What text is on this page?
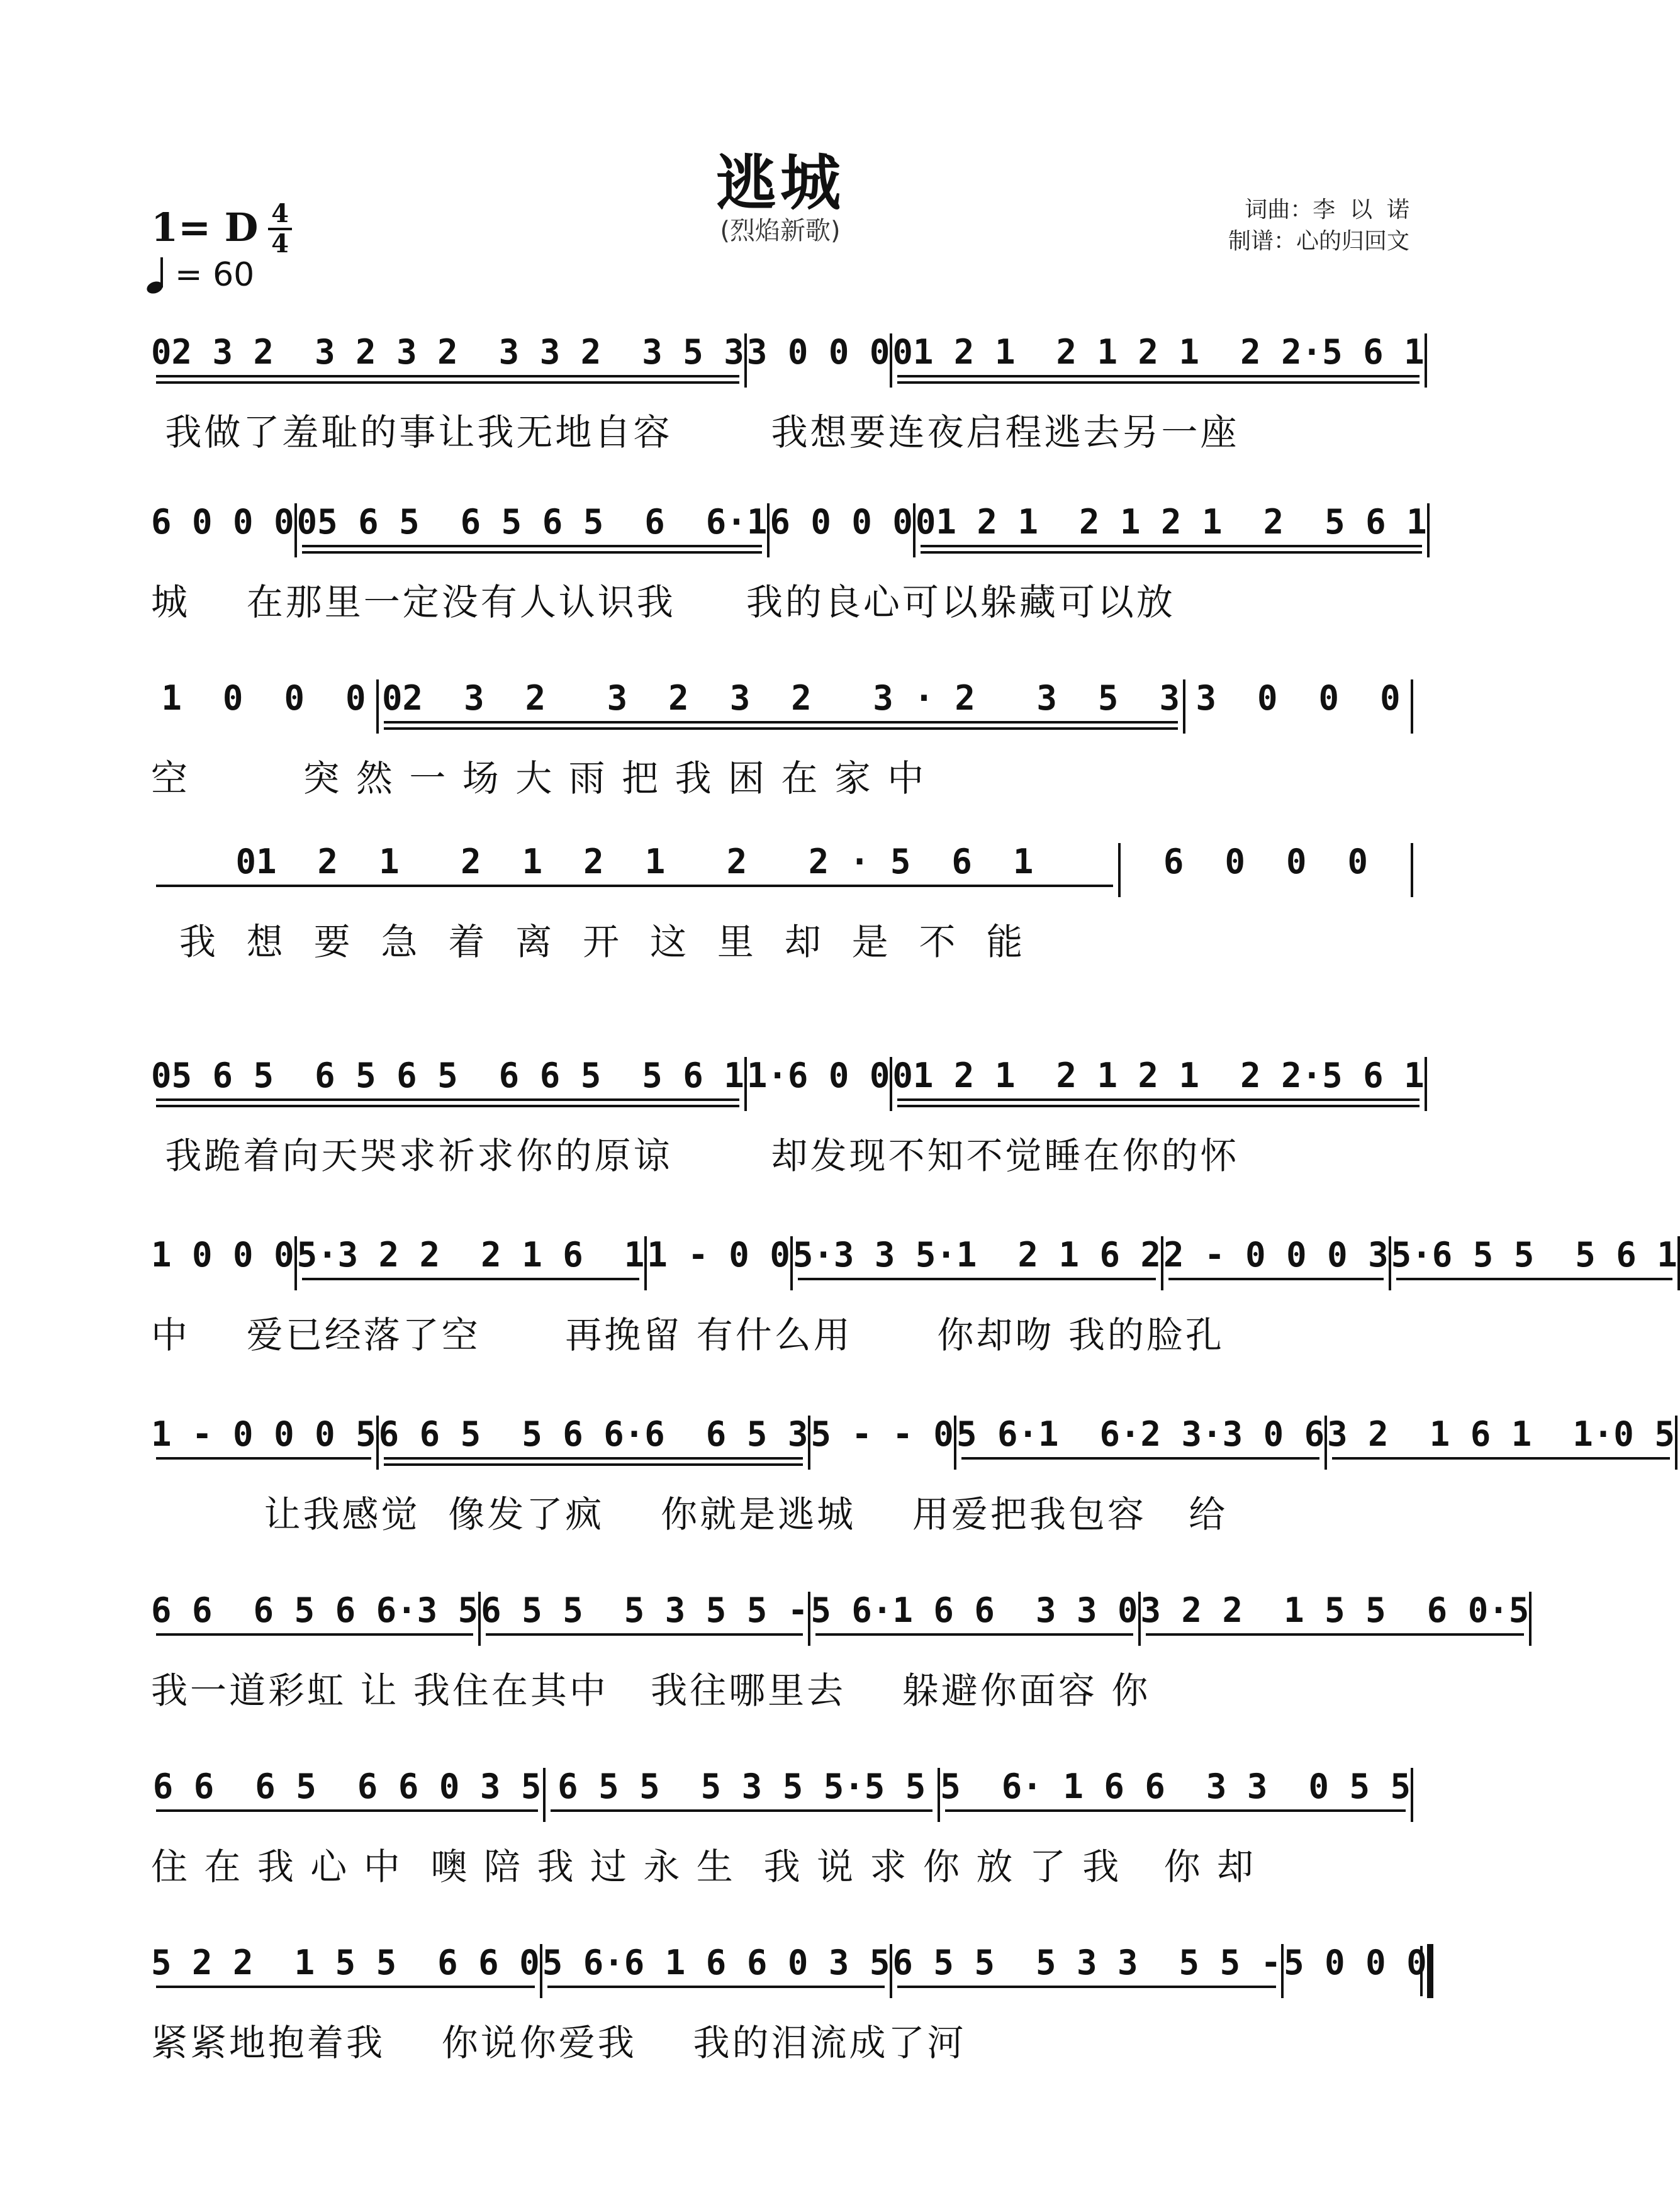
逃城
(烈焰新歌)
1= D 4
4
= 60
词曲：李  以  诺
制谱：心的归回文
02 3 2  3 2 3 2  3 3 2  3 5 3 3 0 0 0 01 2 1  2 1 2 1  2 2·5 6 1
我做了羞耻的事让我无地自容       我想要连夜启程逃去另一座
6 0 0 0 05 6 5  6 5 6 5  6  6·1 6 0 0 0 01 2 1  2 1 2 1  2  5 6 1
城    在那里一定没有人认识我     我的良心可以躲藏可以放
1  0  0  0 02  3  2   3  2  3  2   3 · 2   3  5  3 3  0  0  0
空        突 然 一 场 大 雨 把 我 困 在 家 中
01  2  1   2  1  2  1   2   2 · 5  6  1	6  0  0  0
我  想  要  急  着  离  开  这  里  却  是  不  能
05 6 5  6 5 6 5  6 6 5  5 6 1 1·6 0 0 01 2 1  2 1 2 1  2 2·5 6 1
我跪着向天哭求祈求你的原谅       却发现不知不觉睡在你的怀
1 0 0 0 5·3 2 2  2 1 6  1 1 - 0 0 5·3 3 5·1  2 1 6 2 2 - 0 0 0 3 5·6 5 5  5 6 1
中    爱已经落了空      再挽留 有什么用      你却吻 我的脸孔
1 - 0 0 0 5 6 6 5  5 6 6·6  6 5 3 5 - - 0 5 6·1  6·2 3·3 0 6 3 2  1 6 1  1·0 5
让我感觉  像发了疯    你就是逃城    用爱把我包容   给
6 6  6 5 6 6·3 5 6 5 5  5 3 5 5 - 5 6·1 6 6  3 3 0 3 2 2  1 5 5  6 0·5
我一道彩虹 让 我住在其中   我往哪里去    躲避你面容 你
6 6  6 5  6 6 0 3 5 6 5 5  5 3 5 5·5 5 5  6· 1 6 6  3 3  0 5 5
住 在 我 心 中  噢 陪 我 过 永 生  我 说 求 你 放 了 我   你 却
5 2 2  1 5 5  6 6 0 5 6·6 1 6 6 0 3 5 6 5 5  5 3 3  5 5 - 5 0 0 0
紧紧地抱着我    你说你爱我    我的泪流成了河
